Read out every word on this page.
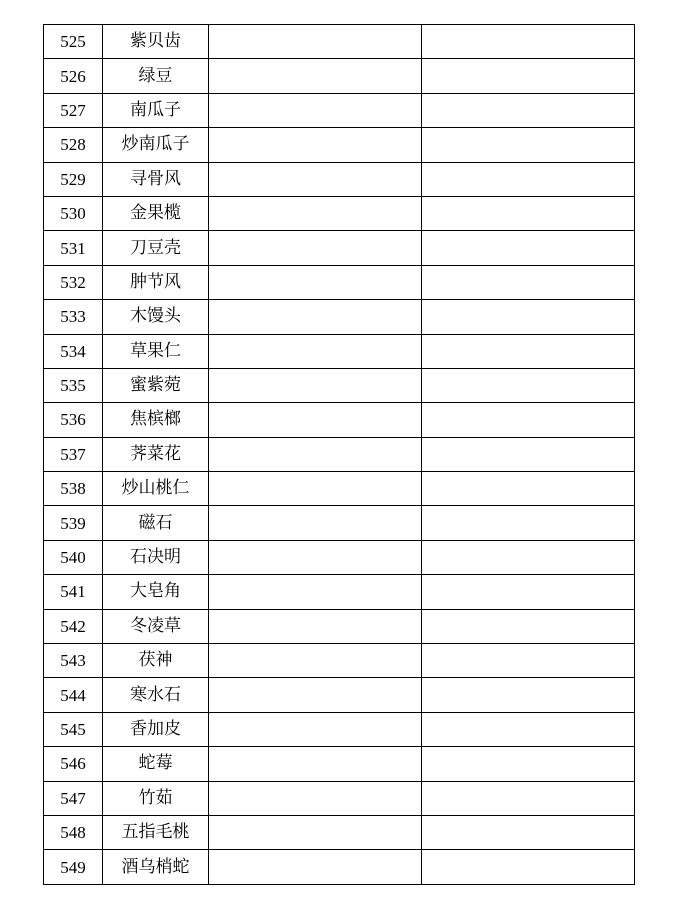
525	紫贝齿		
526	绿豆		
527	南瓜子		
528	炒南瓜子		
529	寻骨风		
530	金果榄		
531	刀豆壳		
532	肿节风		
533	木馒头		
534	草果仁		
535	蜜紫菀		
536	焦槟榔		
537	荠菜花		
538	炒山桃仁		
539	磁石		
540	石决明		
541	大皂角		
542	冬凌草		
543	茯神		
544	寒水石		
545	香加皮		
546	蛇莓		
547	竹茹		
548	五指毛桃		
549	酒乌梢蛇		
